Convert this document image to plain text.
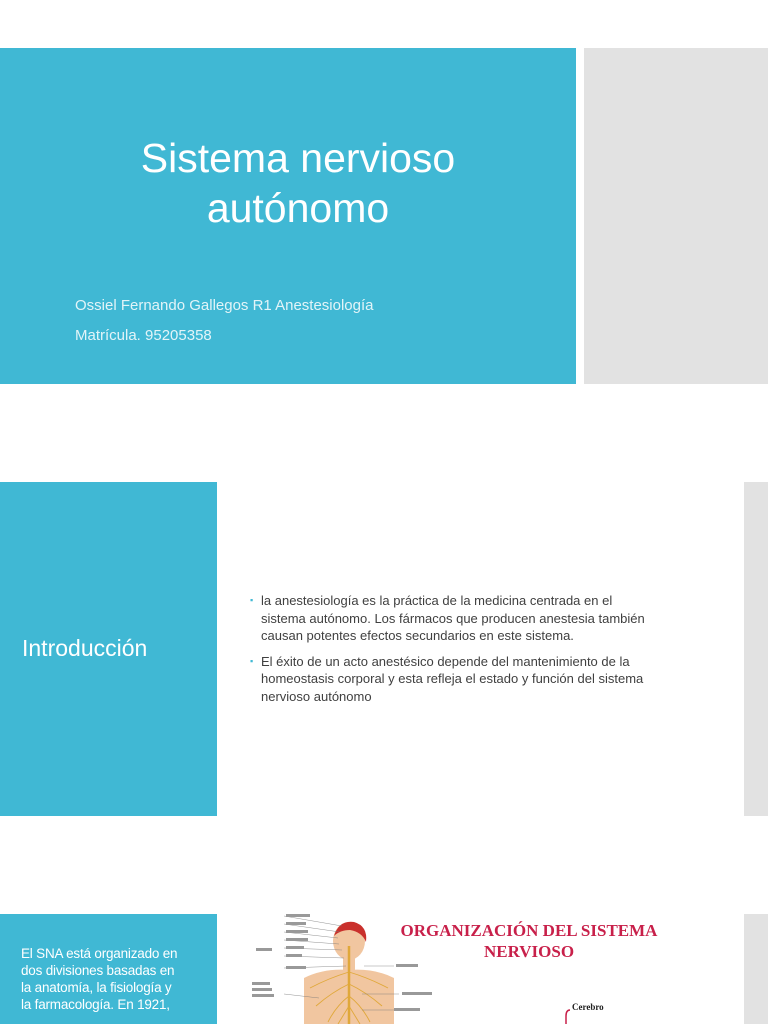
Sistema nervioso
autónomo
Ossiel Fernando Gallegos R1 Anestesiología
Matrícula. 95205358
Introducción
▪ la anestesiología es la práctica de la medicina centrada en el
sistema autónomo. Los fármacos que producen anestesia también
causan potentes efectos secundarios en este sistema.
▪ El éxito de un acto anestésico depende del mantenimiento de la
homeostasis corporal y esta refleja el estado y función del sistema
nervioso autónomo
El SNA está organizado en
dos divisiones basadas en
la anatomía, la fisiología y
la farmacología. En 1921,
ORGANIZACIÓN DEL SISTEMA
NERVIOSO
Cerebro
